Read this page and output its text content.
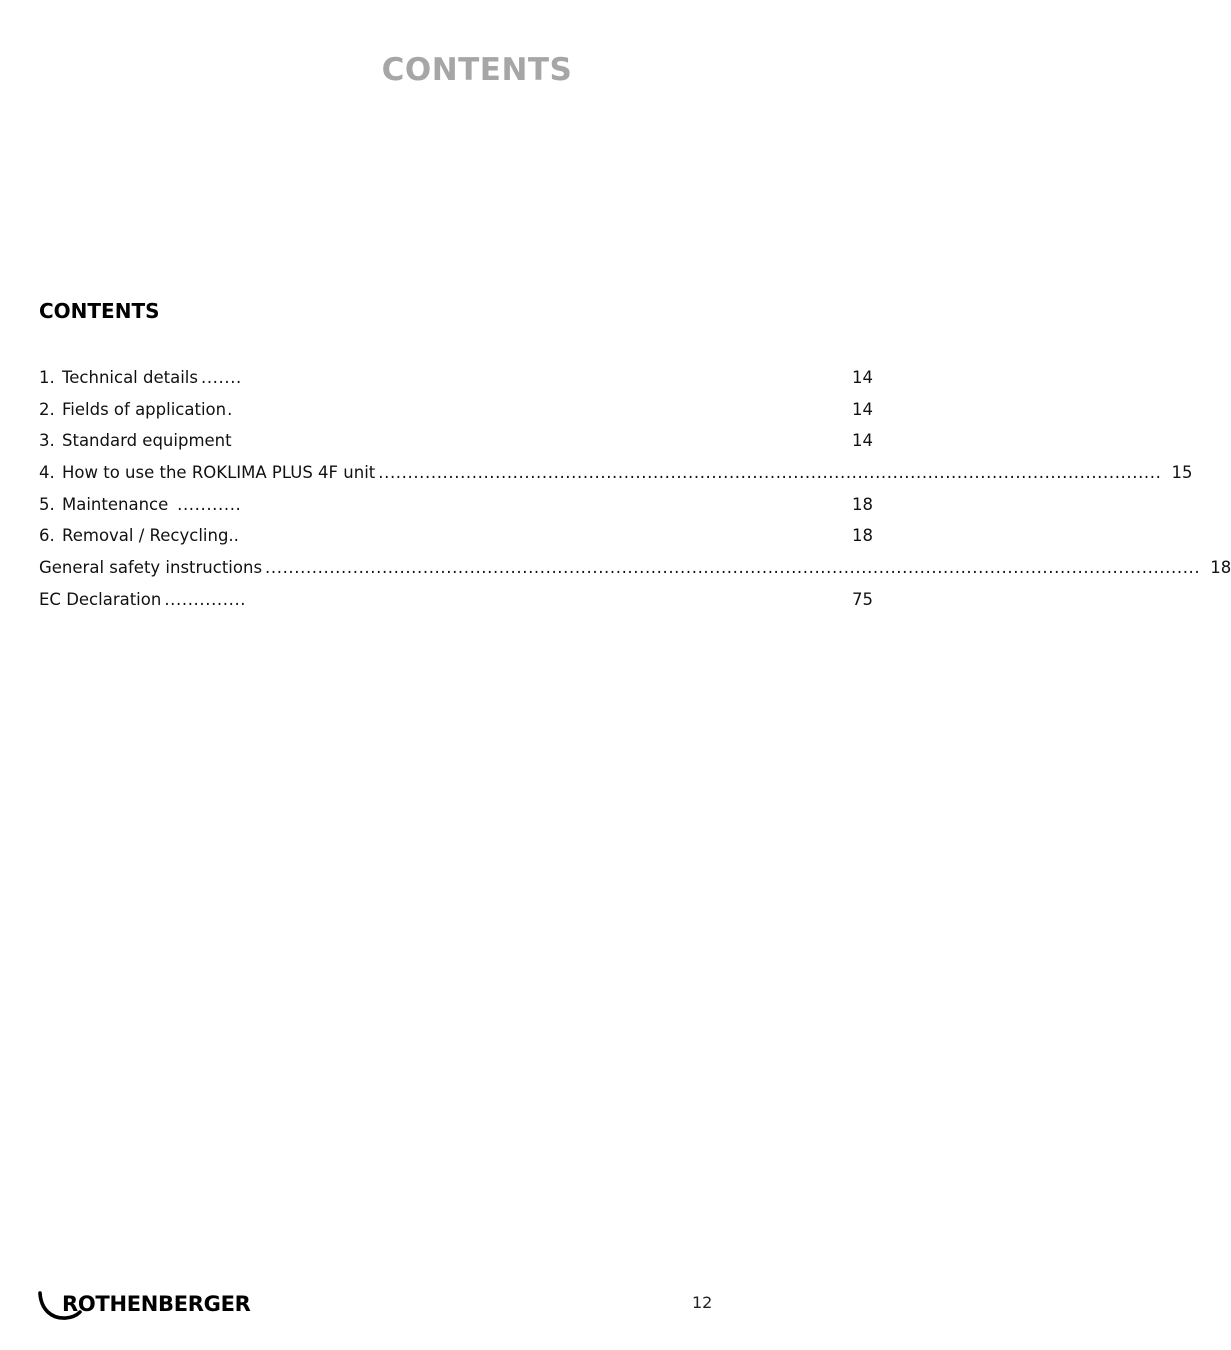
CONTENTS
CONTENTS
1. Technical details .......	14
2. Fields of application .	14
3. Standard equipment	14
4. How to use the ROKLIMA PLUS 4F unit ...................................................................................................................................... 15
5. Maintenance ...........	18
6. Removal / Recycling..	18
General safety instructions ................................................................................................................................................................ 18
EC Declaration ..............	75
ROTHENBERGER	12
